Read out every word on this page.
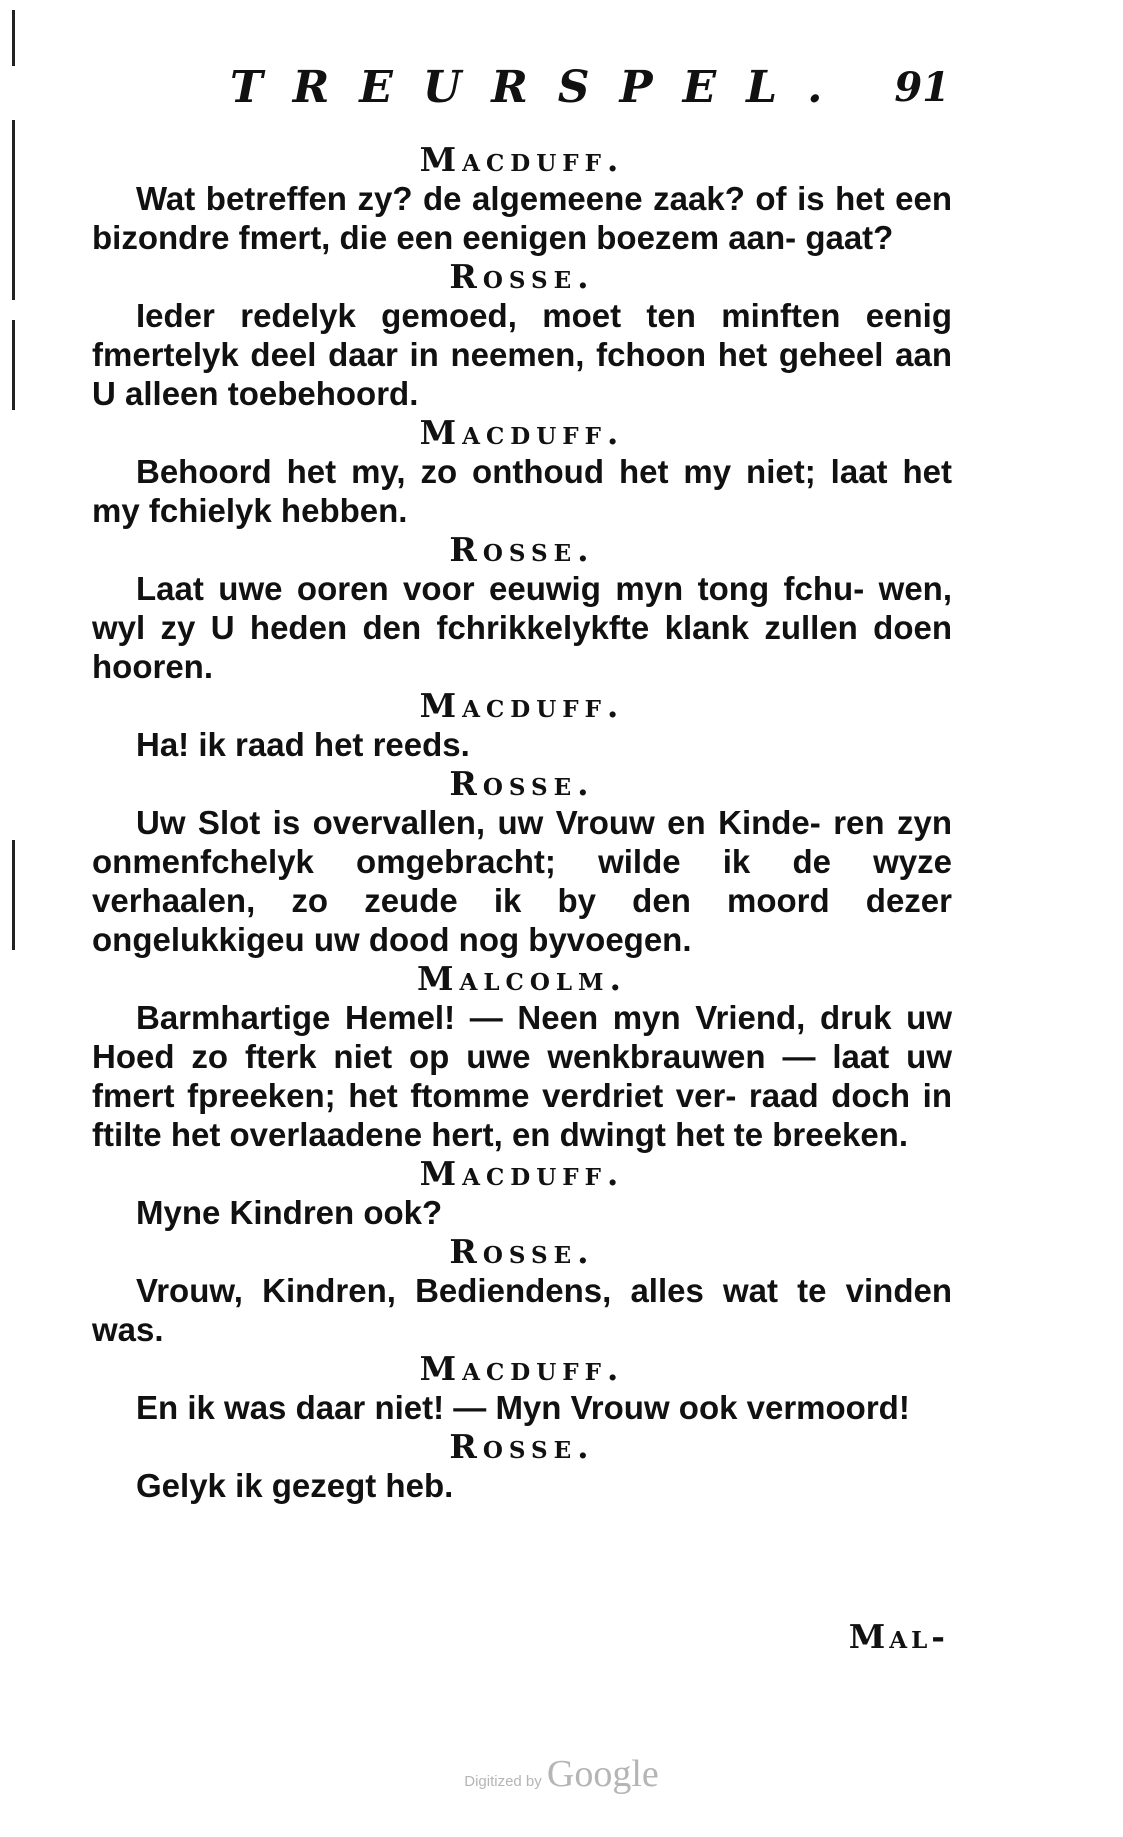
TREURSPEL. 91

Macduff.

Wat betreffen zy? de algemeene zaak? of is het een bizondre fmert, die een eenigen boezem aan- gaat?

Rosse.

Ieder redelyk gemoed, moet ten minften eenig fmertelyk deel daar in neemen, fchoon het geheel aan U alleen toebehoord.

Macduff.

Behoord het my, zo onthoud het my niet; laat het my fchielyk hebben.

Rosse.

Laat uwe ooren voor eeuwig myn tong fchu- wen, wyl zy U heden den fchrikkelykfte klank zullen doen hooren.

Macduff.

Ha! ik raad het reeds.

Rosse.

Uw Slot is overvallen, uw Vrouw en Kinde- ren zyn onmenfchelyk omgebracht; wilde ik de wyze verhaalen, zo zeude ik by den moord dezer ongelukkigeu uw dood nog byvoegen.

Malcolm.

Barmhartige Hemel! — Neen myn Vriend, druk uw Hoed zo fterk niet op uwe wenkbrauwen — laat uw fmert fpreeken; het ftomme verdriet ver- raad doch in ftilte het overlaadene hert, en dwingt het te breeken.

Macduff.

Myne Kindren ook?

Rosse.

Vrouw, Kindren, Bediendens, alles wat te vinden was.

Macduff.

En ik was daar niet! — Myn Vrouw ook vermoord!

Rosse.

Gelyk ik gezegt heb.

Mal-
Digitized by Google
